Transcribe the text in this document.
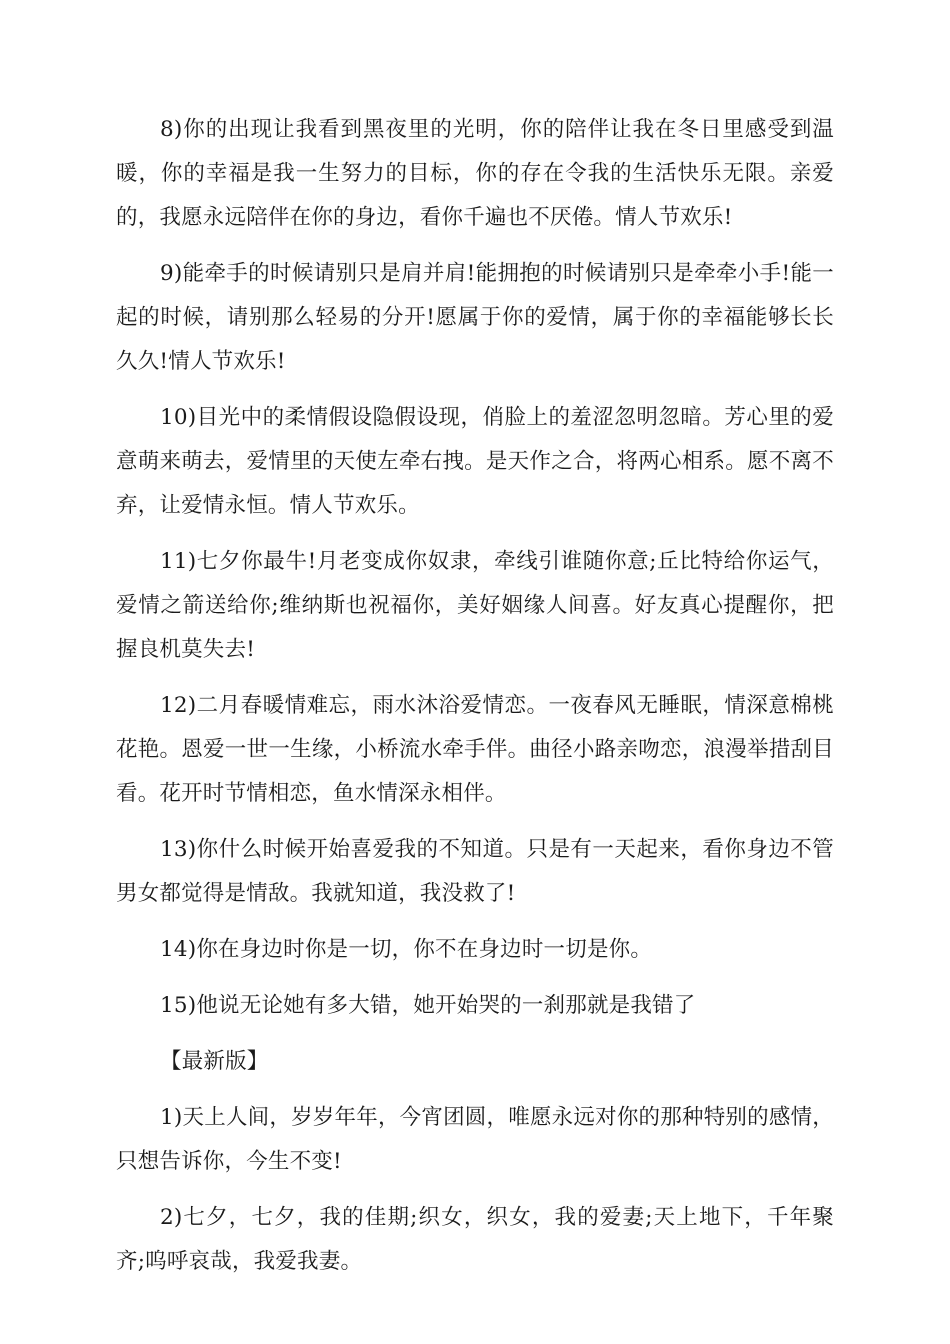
8)你的出现让我看到黑夜里的光明，你的陪伴让我在冬日里感受到温暖，你的幸福是我一生努力的目标，你的存在令我的生活快乐无限。亲爱的，我愿永远陪伴在你的身边，看你千遍也不厌倦。情人节欢乐!

9)能牵手的时候请别只是肩并肩!能拥抱的时候请别只是牵牵小手!能一起的时候，请别那么轻易的分开!愿属于你的爱情，属于你的幸福能够长长久久!情人节欢乐!

10)目光中的柔情假设隐假设现，俏脸上的羞涩忽明忽暗。芳心里的爱意萌来萌去，爱情里的天使左牵右拽。是天作之合，将两心相系。愿不离不弃，让爱情永恒。情人节欢乐。

11)七夕你最牛!月老变成你奴隶，牵线引谁随你意;丘比特给你运气，爱情之箭送给你;维纳斯也祝福你，美好姻缘人间喜。好友真心提醒你，把握良机莫失去!

12)二月春暖情难忘，雨水沐浴爱情恋。一夜春风无睡眠，情深意棉桃花艳。恩爱一世一生缘，小桥流水牵手伴。曲径小路亲吻恋，浪漫举措刮目看。花开时节情相恋，鱼水情深永相伴。

13)你什么时候开始喜爱我的不知道。只是有一天起来，看你身边不管男女都觉得是情敌。我就知道，我没救了!

14)你在身边时你是一切，你不在身边时一切是你。

15)他说无论她有多大错，她开始哭的一刹那就是我错了

【最新版】

1)天上人间，岁岁年年，今宵团圆，唯愿永远对你的那种特别的感情，只想告诉你，今生不变!

2)七夕，七夕，我的佳期;织女，织女，我的爱妻;天上地下，千年聚齐;呜呼哀哉，我爱我妻。
